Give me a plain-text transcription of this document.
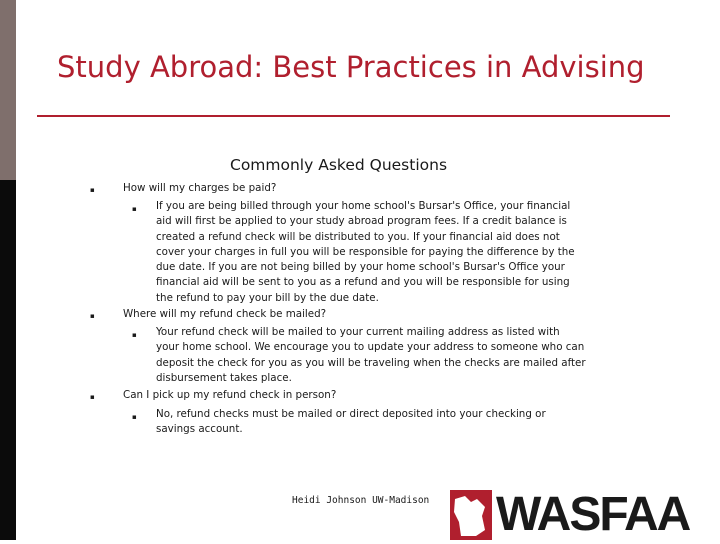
Study Abroad: Best Practices in Advising
Commonly Asked Questions
▪	How will my charges be paid?
▪ If you are being billed through your home school's Bursar's Office, your financial aid will first be applied to your study abroad program fees. If a credit balance is created a refund check will be distributed to you. If your financial aid does not cover your charges in full you will be responsible for paying the difference by the due date. If you are not being billed by your home school's Bursar's Office your financial aid will be sent to you as a refund and you will be responsible for using the refund to pay your bill by the due date.
▪	Where will my refund check be mailed?
▪ Your refund check will be mailed to your current mailing address as listed with your home school. We encourage you to update your address to someone who can deposit the check for you as you will be traveling when the checks are mailed after disbursement takes place.
▪	Can I pick up my refund check in person?
▪ No, refund checks must be mailed or direct deposited into your checking or savings account.
Heidi Johnson UW-Madison WASFAA
